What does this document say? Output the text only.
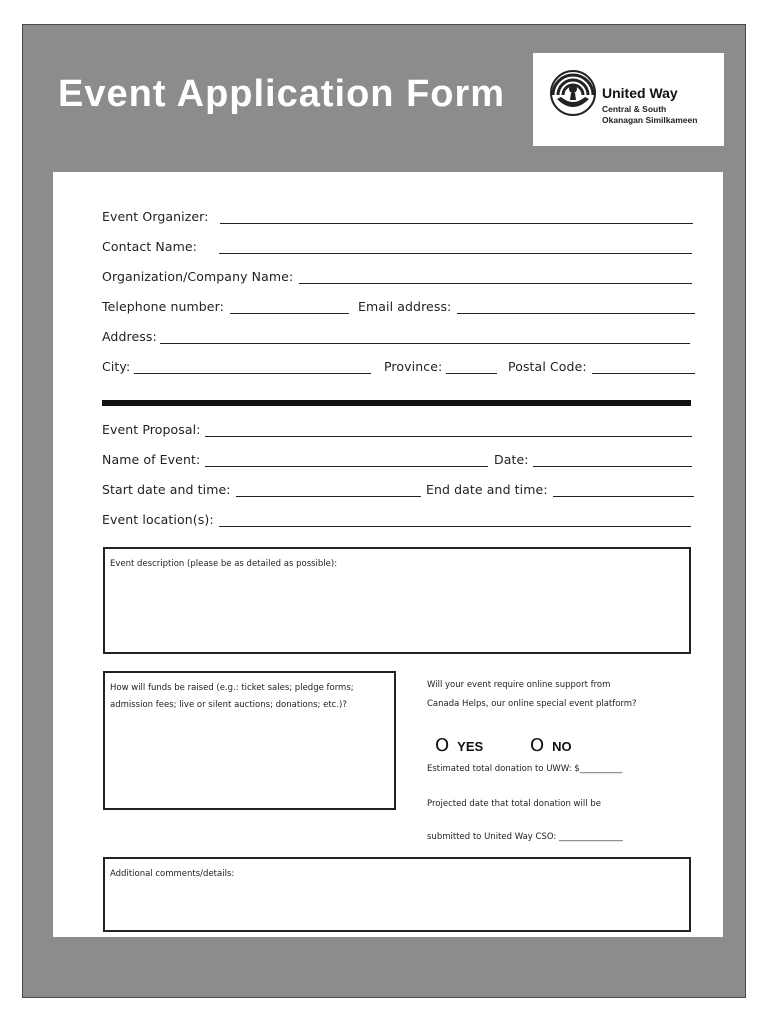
Event Application Form	United Way
Central & South
Okanagan Similkameen
Event Organizer:
Contact Name:
Organization/Company Name:
Telephone number:	Email address:
Address:
City:	Province:	Postal Code:
Event Proposal:
Name of Event:	Date:
Start date and time:	End date and time:
Event location(s):
Event description (please be as detailed as possible):
How will funds be raised (e.g.: ticket sales; pledge forms; admission fees; live or silent auctions; donations; etc.)?
Will your event require online support from
Canada Helps, our online special event platform?
O YES	O NO
Estimated total donation to UWW: $__________
Projected date that total donation will be
submitted to United Way CSO: _______________
Additional comments/details:
